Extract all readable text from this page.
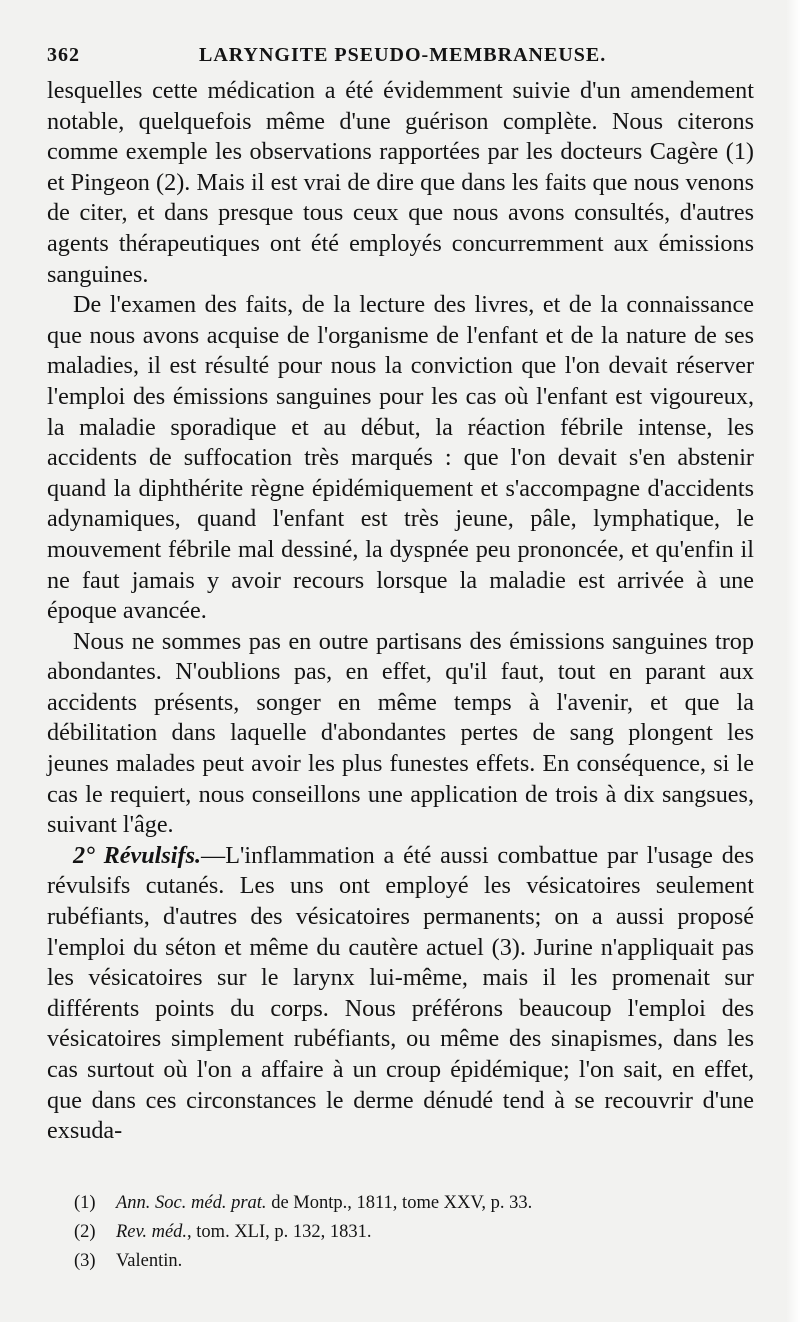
362	LARYNGITE PSEUDO-MEMBRANEUSE.

lesquelles cette médication a été évidemment suivie d'un amendement notable, quelquefois même d'une guérison complète. Nous citerons comme exemple les observations rapportées par les docteurs Cagère (1) et Pingeon (2). Mais il est vrai de dire que dans les faits que nous venons de citer, et dans presque tous ceux que nous avons consultés, d'autres agents thérapeutiques ont été employés concurremment aux émissions sanguines.

De l'examen des faits, de la lecture des livres, et de la connaissance que nous avons acquise de l'organisme de l'enfant et de la nature de ses maladies, il est résulté pour nous la conviction que l'on devait réserver l'emploi des émissions sanguines pour les cas où l'enfant est vigoureux, la maladie sporadique et au début, la réaction fébrile intense, les accidents de suffocation très marqués : que l'on devait s'en abstenir quand la diphthérite règne épidémiquement et s'accompagne d'accidents adynamiques, quand l'enfant est très jeune, pâle, lymphatique, le mouvement fébrile mal dessiné, la dyspnée peu prononcée, et qu'enfin il ne faut jamais y avoir recours lorsque la maladie est arrivée à une époque avancée.

Nous ne sommes pas en outre partisans des émissions sanguines trop abondantes. N'oublions pas, en effet, qu'il faut, tout en parant aux accidents présents, songer en même temps à l'avenir, et que la débilitation dans laquelle d'abondantes pertes de sang plongent les jeunes malades peut avoir les plus funestes effets. En conséquence, si le cas le requiert, nous conseillons une application de trois à dix sangsues, suivant l'âge.

2° Révulsifs.—L'inflammation a été aussi combattue par l'usage des révulsifs cutanés. Les uns ont employé les vésicatoires seulement rubéfiants, d'autres des vésicatoires permanents; on a aussi proposé l'emploi du séton et même du cautère actuel (3). Jurine n'appliquait pas les vésicatoires sur le larynx lui-même, mais il les promenait sur différents points du corps. Nous préférons beaucoup l'emploi des vésicatoires simplement rubéfiants, ou même des sinapismes, dans les cas surtout où l'on a affaire à un croup épidémique; l'on sait, en effet, que dans ces circonstances le derme dénudé tend à se recouvrir d'une exsuda-

(1) Ann. Soc. méd. prat. de Montp., 1811, tome XXV, p. 33.
(2) Rev. méd., tom. XLI, p. 132, 1831.
(3) Valentin.
